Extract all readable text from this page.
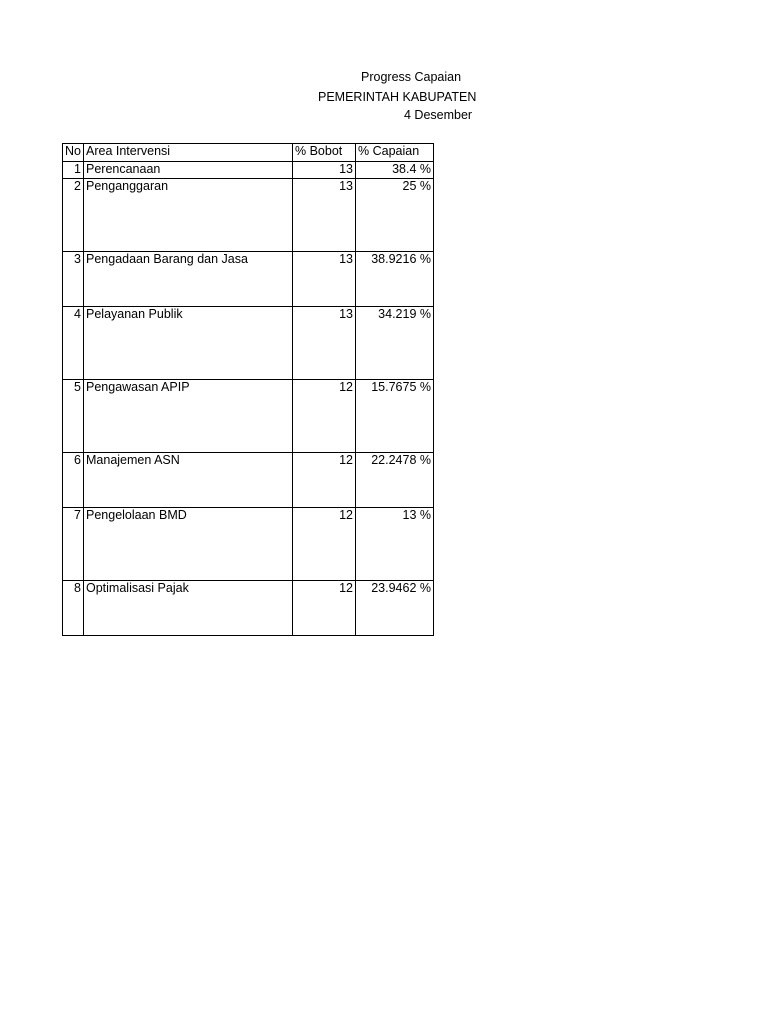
Progress Capaian
PEMERINTAH KABUPATEN
4 Desember
No	Area Intervensi	% Bobot	% Capaian
1	Perencanaan	13	38.4 %
2	Penganggaran	13	25 %
3	Pengadaan Barang dan Jasa	13	38.9216 %
4	Pelayanan Publik	13	34.219 %
5	Pengawasan APIP	12	15.7675 %
6	Manajemen ASN	12	22.2478 %
7	Pengelolaan BMD	12	13 %
8	Optimalisasi Pajak	12	23.9462 %
